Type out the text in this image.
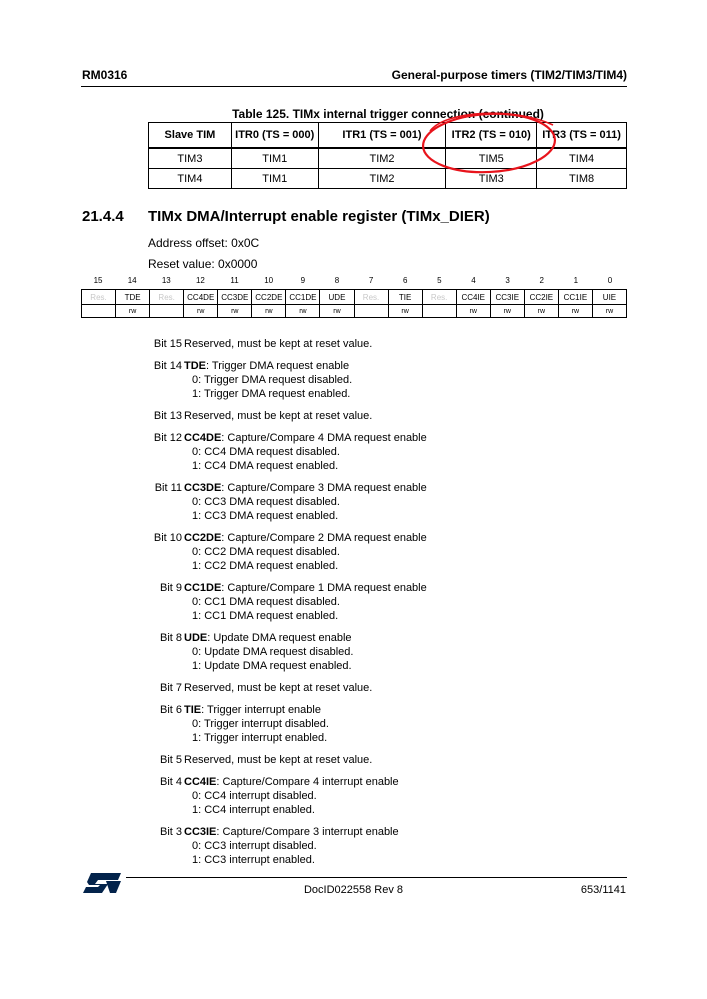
RM0316	General-purpose timers (TIM2/TIM3/TIM4)
Table 125. TIMx internal trigger connection (continued)
Slave TIM	ITR0 (TS = 000)	ITR1 (TS = 001)	ITR2 (TS = 010)	ITR3 (TS = 011)
TIM3	TIM1	TIM2	TIM5	TIM4
TIM4	TIM1	TIM2	TIM3	TIM8
21.4.4 TIMx DMA/Interrupt enable register (TIMx_DIER)
Address offset: 0x0C
Reset value: 0x0000
15	14	13	12	11	10	9	8	7	6	5	4	3	2	1	0
Res.	TDE	Res.	CC4DE	CC3DE	CC2DE	CC1DE	UDE	Res.	TIE	Res.	CC4IE	CC3IE	CC2IE	CC1IE	UIE
	rw		rw	rw	rw	rw	rw		rw		rw	rw	rw	rw	rw
Bit 15 Reserved, must be kept at reset value.
Bit 14 TDE: Trigger DMA request enable
0: Trigger DMA request disabled.
1: Trigger DMA request enabled.
Bit 13 Reserved, must be kept at reset value.
Bit 12 CC4DE: Capture/Compare 4 DMA request enable
0: CC4 DMA request disabled.
1: CC4 DMA request enabled.
Bit 11 CC3DE: Capture/Compare 3 DMA request enable
0: CC3 DMA request disabled.
1: CC3 DMA request enabled.
Bit 10 CC2DE: Capture/Compare 2 DMA request enable
0: CC2 DMA request disabled.
1: CC2 DMA request enabled.
Bit 9 CC1DE: Capture/Compare 1 DMA request enable
0: CC1 DMA request disabled.
1: CC1 DMA request enabled.
Bit 8 UDE: Update DMA request enable
0: Update DMA request disabled.
1: Update DMA request enabled.
Bit 7 Reserved, must be kept at reset value.
Bit 6 TIE: Trigger interrupt enable
0: Trigger interrupt disabled.
1: Trigger interrupt enabled.
Bit 5 Reserved, must be kept at reset value.
Bit 4 CC4IE: Capture/Compare 4 interrupt enable
0: CC4 interrupt disabled.
1: CC4 interrupt enabled.
Bit 3 CC3IE: Capture/Compare 3 interrupt enable
0: CC3 interrupt disabled.
1: CC3 interrupt enabled.
DocID022558 Rev 8	653/1141
